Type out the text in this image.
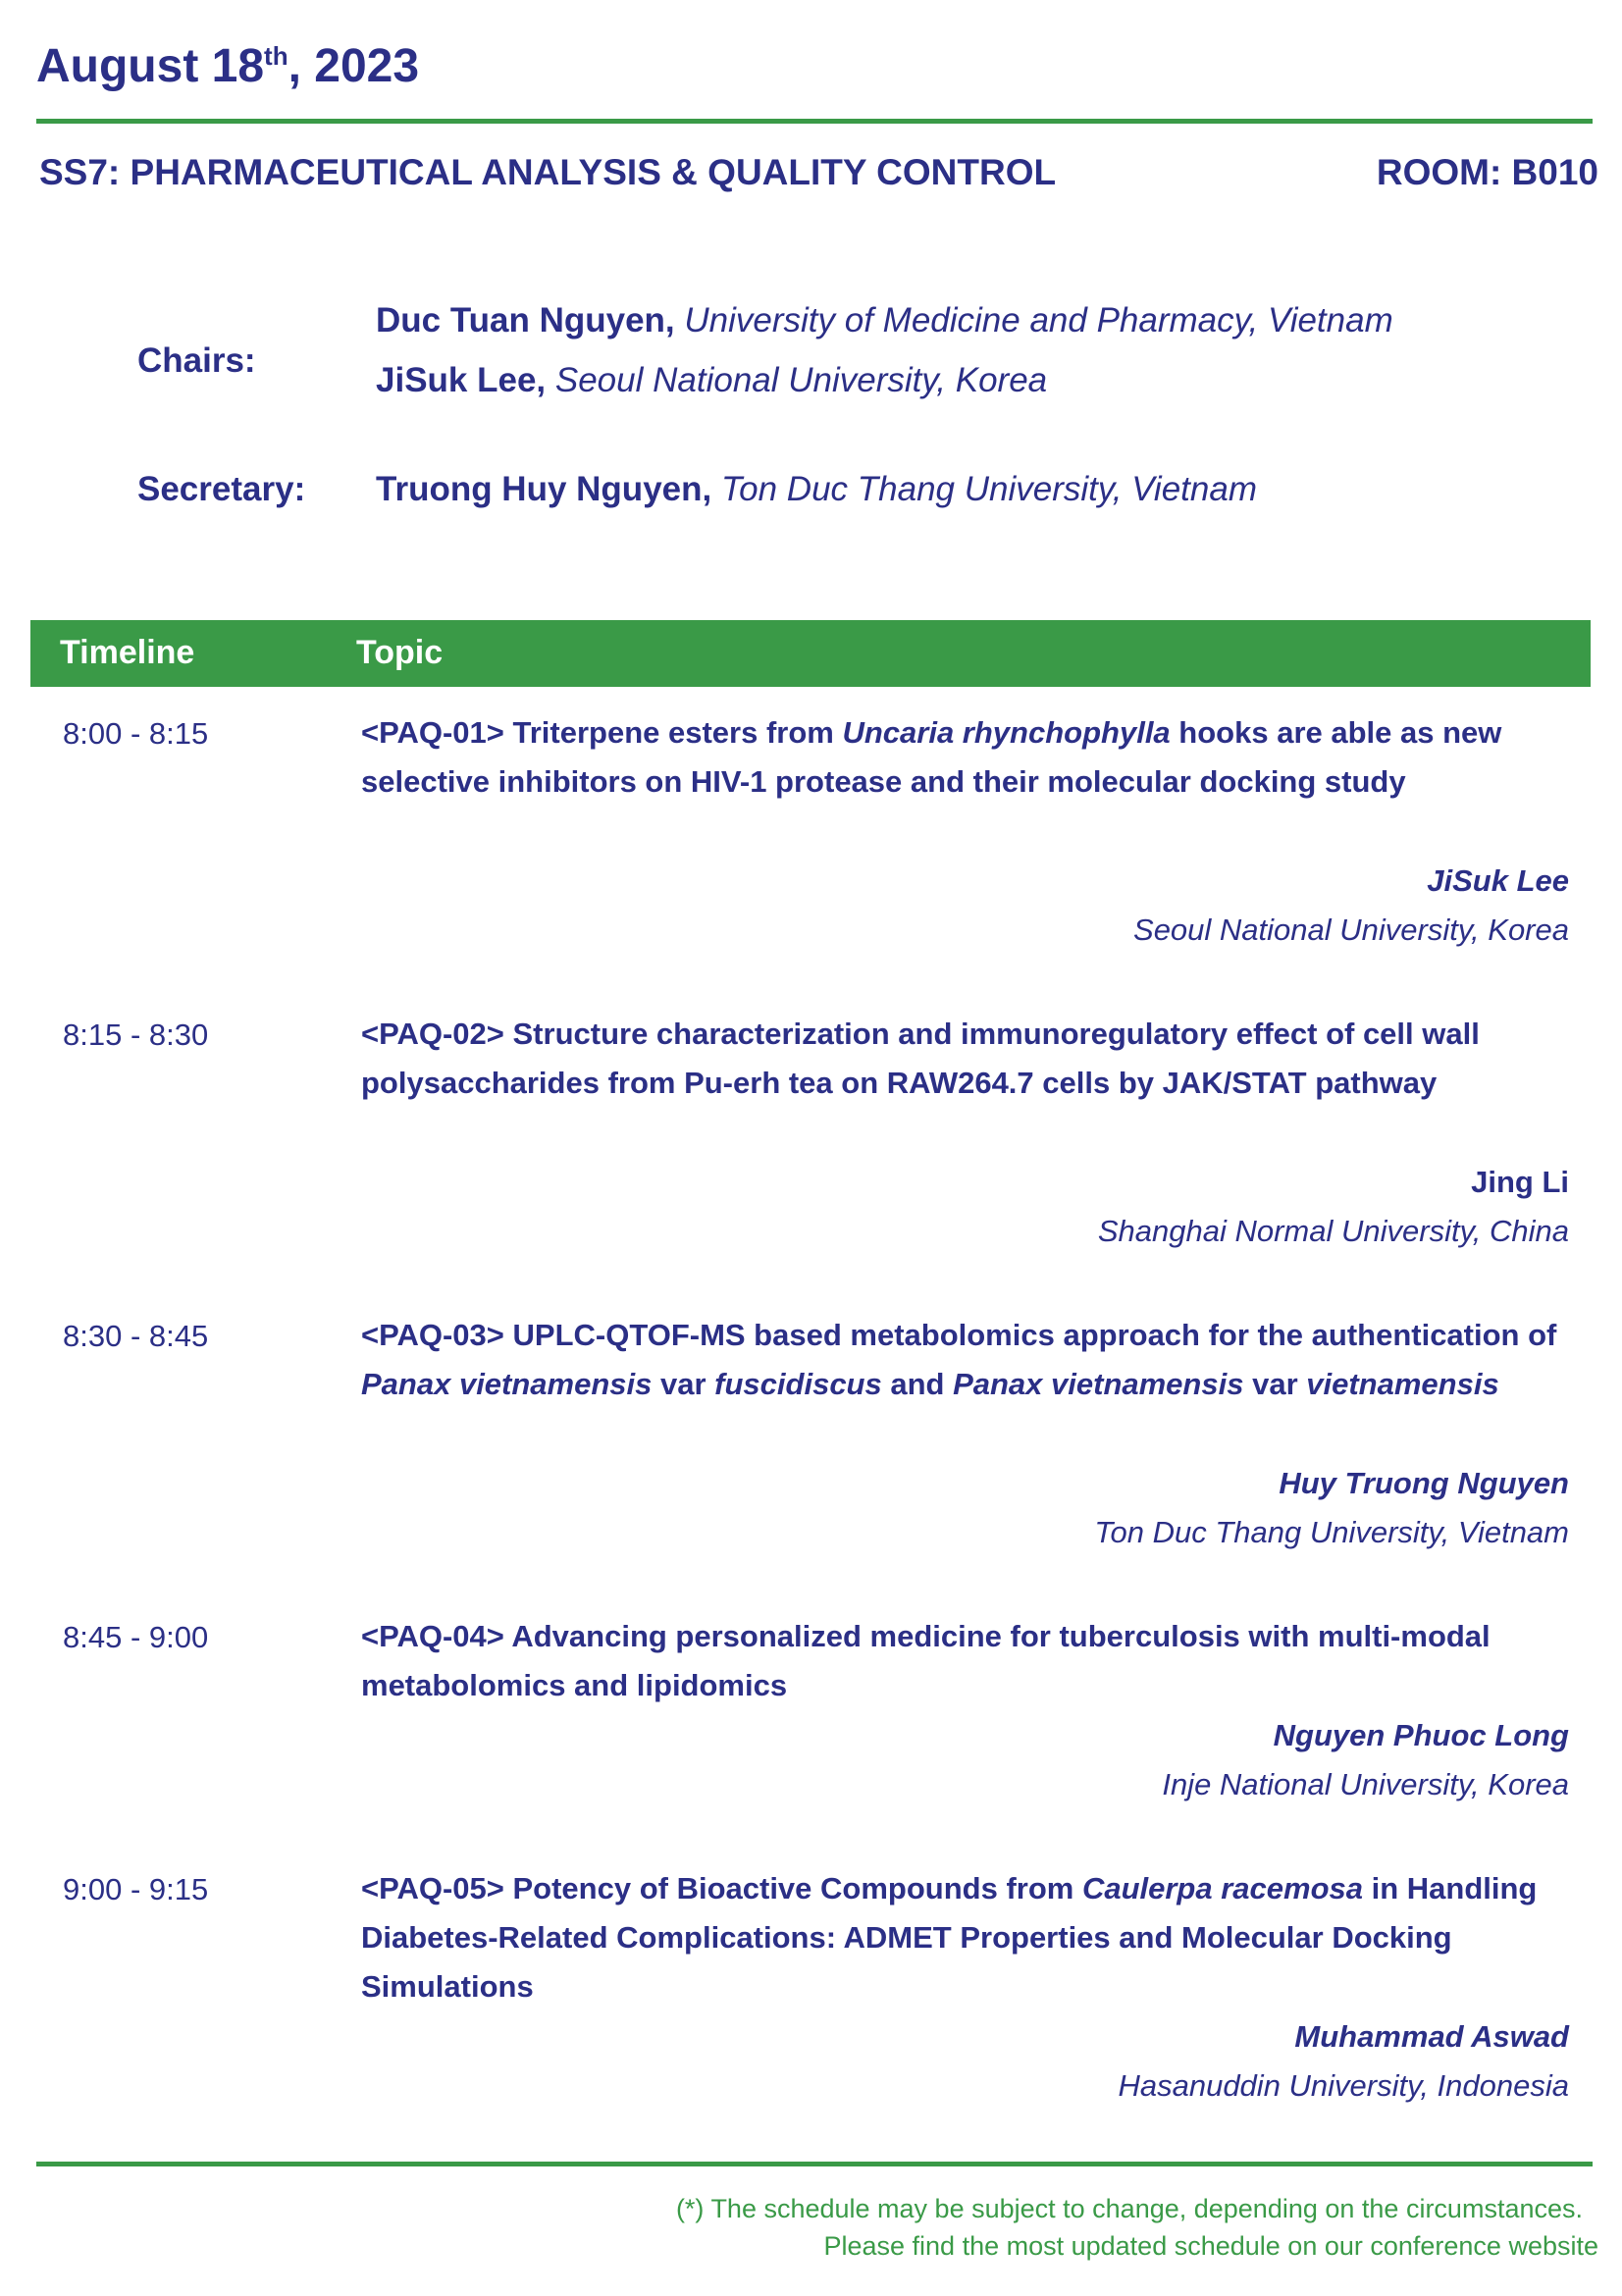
August 18th, 2023
SS7: PHARMACEUTICAL ANALYSIS & QUALITY CONTROL	ROOM: B010
Chairs:
Duc Tuan Nguyen, University of Medicine and Pharmacy, Vietnam
JiSuk Lee, Seoul National University, Korea
Secretary: Truong Huy Nguyen, Ton Duc Thang University, Vietnam
Timeline	Topic
8:00 - 8:15	<PAQ-01> Triterpene esters from Uncaria rhynchophylla hooks are able as new selective inhibitors on HIV-1 protease and their molecular docking study
JiSuk Lee
Seoul National University, Korea
8:15 - 8:30	<PAQ-02> Structure characterization and immunoregulatory effect of cell wall polysaccharides from Pu-erh tea on RAW264.7 cells by JAK/STAT pathway
Jing Li
Shanghai Normal University, China
8:30 - 8:45	<PAQ-03> UPLC-QTOF-MS based metabolomics approach for the authentication of Panax vietnamensis var fuscidiscus and Panax vietnamensis var vietnamensis
Huy Truong Nguyen
Ton Duc Thang University, Vietnam
8:45 - 9:00	<PAQ-04> Advancing personalized medicine for tuberculosis with multi-modal metabolomics and lipidomics
Nguyen Phuoc Long
Inje National University, Korea
9:00 - 9:15	<PAQ-05> Potency of Bioactive Compounds from Caulerpa racemosa in Handling Diabetes-Related Complications: ADMET Properties and Molecular Docking Simulations
Muhammad Aswad
Hasanuddin University, Indonesia
(*) The schedule may be subject to change, depending on the circumstances.
Please find the most updated schedule on our conference website
